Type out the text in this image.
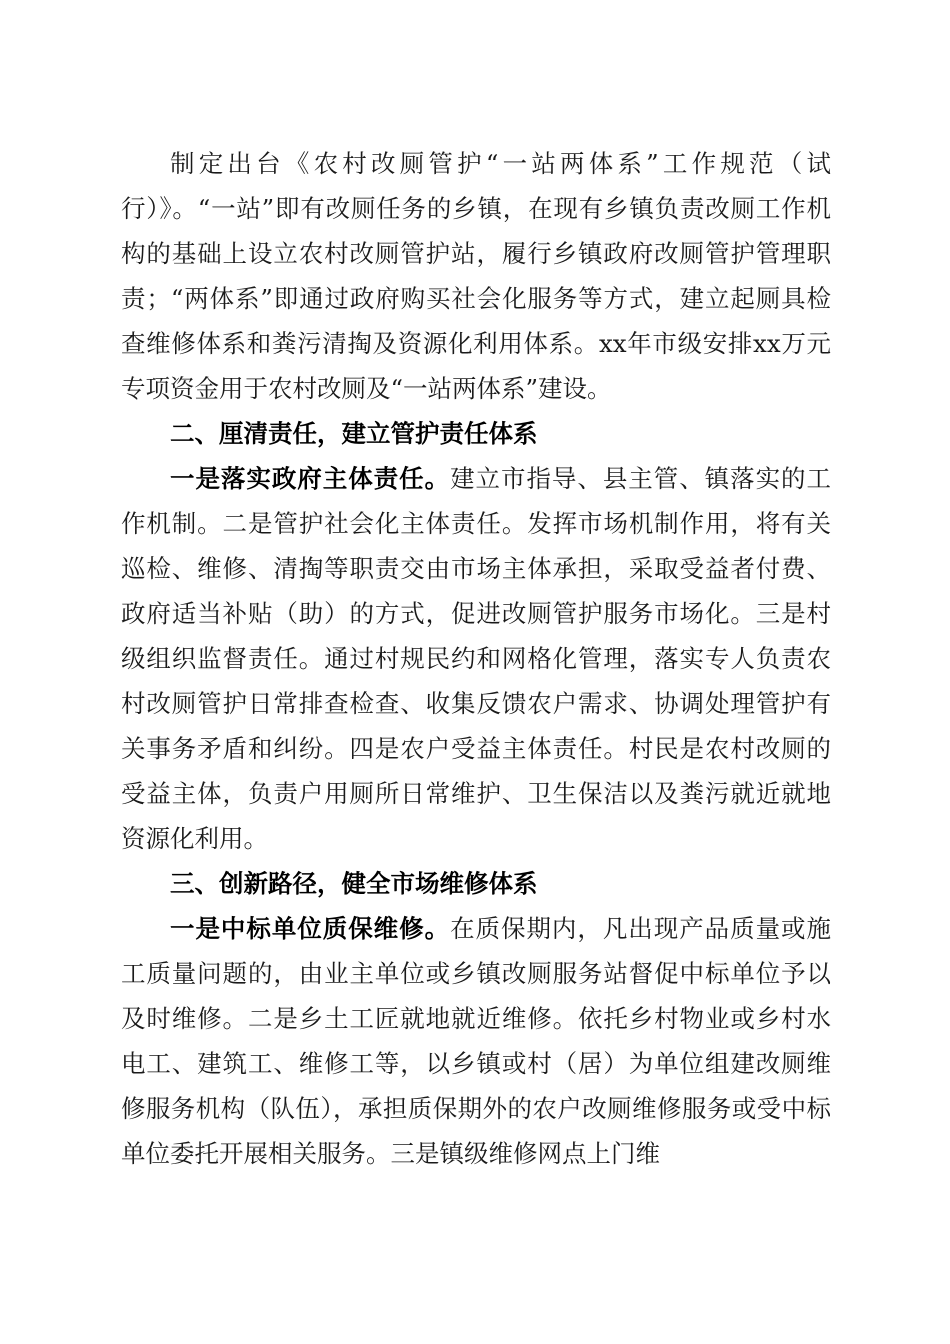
制定出台《农村改厕管护“一站两体系”工作规范（试行）》。“一站”即有改厕任务的乡镇，在现有乡镇负责改厕工作机构的基础上设立农村改厕管护站，履行乡镇政府改厕管护管理职责；“两体系”即通过政府购买社会化服务等方式，建立起厕具检查维修体系和粪污清掏及资源化利用体系。xx年市级安排xx万元专项资金用于农村改厕及“一站两体系”建设。

二、厘清责任，建立管护责任体系

一是落实政府主体责任。建立市指导、县主管、镇落实的工作机制。二是管护社会化主体责任。发挥市场机制作用，将有关巡检、维修、清掏等职责交由市场主体承担，采取受益者付费、政府适当补贴（助）的方式，促进改厕管护服务市场化。三是村级组织监督责任。通过村规民约和网格化管理，落实专人负责农村改厕管护日常排查检查、收集反馈农户需求、协调处理管护有关事务矛盾和纠纷。四是农户受益主体责任。村民是农村改厕的受益主体，负责户用厕所日常维护、卫生保洁以及粪污就近就地资源化利用。

三、创新路径，健全市场维修体系

一是中标单位质保维修。在质保期内，凡出现产品质量或施工质量问题的，由业主单位或乡镇改厕服务站督促中标单位予以及时维修。二是乡土工匠就地就近维修。依托乡村物业或乡村水电工、建筑工、维修工等，以乡镇或村（居）为单位组建改厕维修服务机构（队伍），承担质保期外的农户改厕维修服务或受中标单位委托开展相关服务。三是镇级维修网点上门维
